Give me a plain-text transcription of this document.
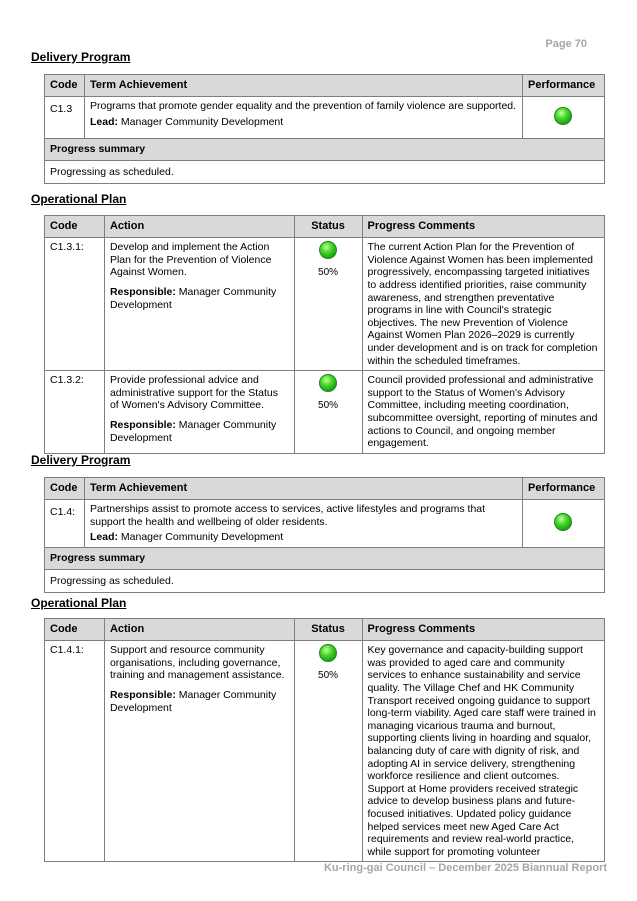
Page 70
Delivery Program
Code	Term Achievement	Performance
C1.3	Programs that promote gender equality and the prevention of family violence are supported.
Lead: Manager Community Development	

Progress summary		
Progressing as scheduled.		
Operational Plan
Code	Action	Status	Progress Comments
C1.3.1:	Develop and implement the Action Plan for the Prevention of Violence Against Women.
Responsible: Manager Community Development	50%	The current Action Plan for the Prevention of Violence Against Women has been implemented progressively, encompassing targeted initiatives to address identified priorities, raise community awareness, and strengthen preventative programs in line with Council's strategic objectives. The new Prevention of Violence Against Women Plan 2026–2029 is currently under development and is on track for completion within the scheduled timeframes.
C1.3.2:	Provide professional advice and administrative support for the Status of Women's Advisory Committee.
Responsible: Manager Community Development	50%	Council provided professional and administrative support to the Status of Women's Advisory Committee, including meeting coordination, subcommittee oversight, reporting of minutes and actions to Council, and ongoing member engagement.
Delivery Program
Code	Term Achievement	Performance
C1.4:	Partnerships assist to promote access to services, active lifestyles and programs that support the health and wellbeing of older residents.
Lead: Manager Community Development	

Progress summary		
Progressing as scheduled.		
Operational Plan
Code	Action	Status	Progress Comments
C1.4.1:	Support and resource community organisations, including governance, training and management assistance.
Responsible: Manager Community Development	50%	Key governance and capacity-building support was provided to aged care and community services to enhance sustainability and service quality. The Village Chef and HK Community Transport received ongoing guidance to support long-term viability. Aged care staff were trained in managing vicarious trauma and burnout, supporting clients living in hoarding and squalor, balancing duty of care with dignity of risk, and adopting AI in service delivery, strengthening workforce resilience and client outcomes. Support at Home providers received strategic advice to develop business plans and future-focused initiatives. Updated policy guidance helped services meet new Aged Care Act requirements and review real-world practice, while support for promoting volunteer
Ku-ring-gai Council – December 2025 Biannual Report
